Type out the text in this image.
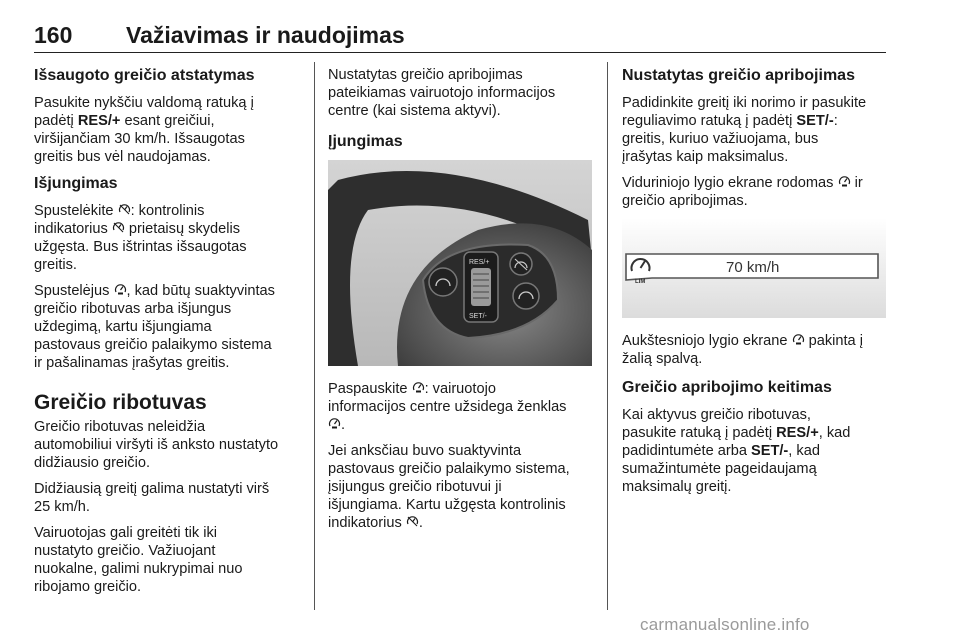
160 Važiavimas ir naudojimas
Išsaugoto greičio atstatymas

Pasukite nykščiu valdomą ratuką į
padėtį RES/+ esant greičiui,
viršijančiam 30 km/h. Išsaugotas
greitis bus vėl naudojamas.

Išjungimas

Spustelėkite : kontrolinis
indikatorius  prietaisų skydelis
užgęsta. Bus ištrintas išsaugotas
greitis.

Spustelėjus , kad būtų suaktyvintas
greičio ribotuvas arba išjungus
uždegimą, kartu išjungiama
pastovaus greičio palaikymo sistema
ir pašalinamas įrašytas greitis.

Greičio ribotuvas

Greičio ribotuvas neleidžia
automobiliui viršyti iš anksto nustatyto
didžiausio greičio.

Didžiausią greitį galima nustatyti virš
25 km/h.

Vairuotojas gali greitėti tik iki
nustatyto greičio. Važiuojant
nuokalne, galimi nukrypimai nuo
ribojamo greičio.

Nustatytas greičio apribojimas
pateikiamas vairuotojo informacijos
centre (kai sistema aktyvi).

Įjungimas
RES/+
SET/-

Paspauskite : vairuotojo
informacijos centre užsidega ženklas
.

Jei anksčiau buvo suaktyvinta
pastovaus greičio palaikymo sistema,
įsijungus greičio ribotuvui ji
išjungiama. Kartu užgęsta kontrolinis
indikatorius .

Nustatytas greičio apribojimas

Padidinkite greitį iki norimo ir pasukite
reguliavimo ratuką į padėtį SET/-:
greitis, kuriuo važiuojama, bus
įrašytas kaip maksimalus.

Viduriniojo lygio ekrane rodomas  ir
greičio apribojimas.

LIM
70 km/h

Aukštesniojo lygio ekrane  pakinta į
žalią spalvą.

Greičio apribojimo keitimas

Kai aktyvus greičio ribotuvas,
pasukite ratuką į padėtį RES/+, kad
padidintumėte arba SET/-, kad
sumažintumėte pageidaujamą
maksimalų greitį.

carmanualsonline.info
